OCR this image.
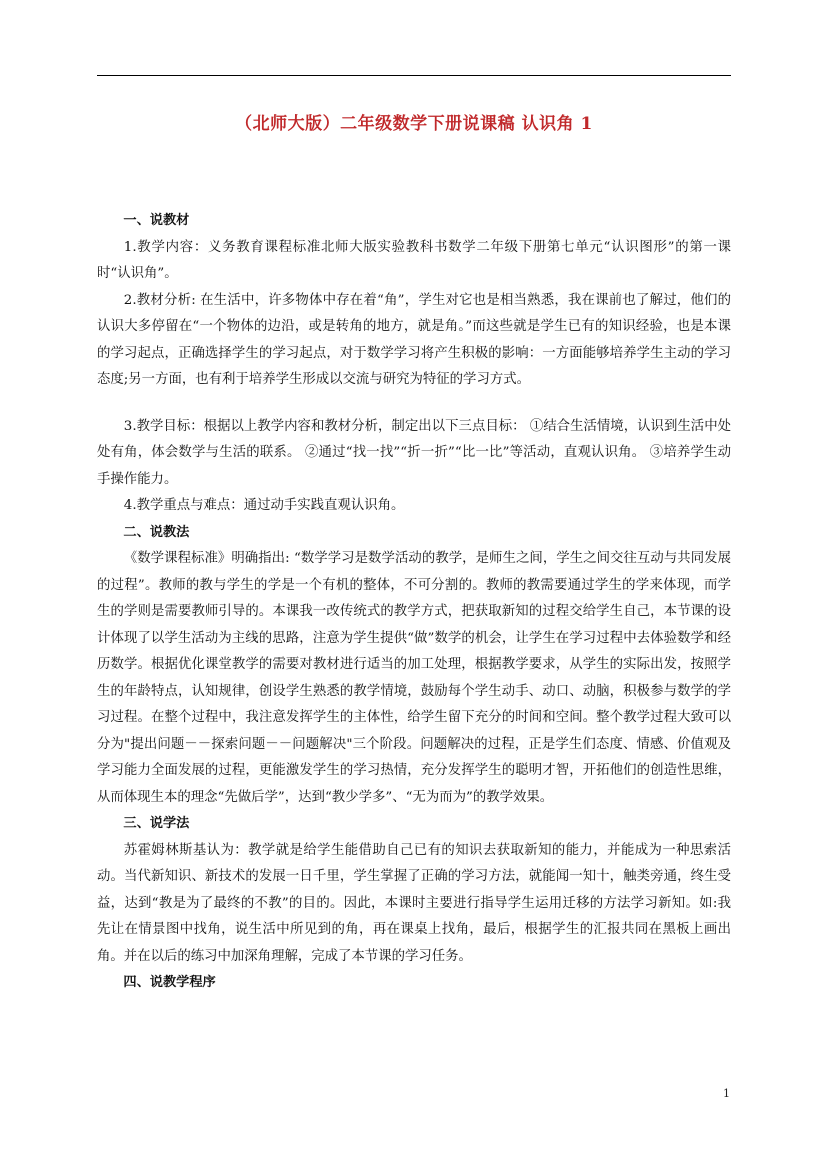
（北师大版）二年级数学下册说课稿 认识角 1

一、说教材

1.教学内容：义务教育课程标准北师大版实验教科书数学二年级下册第七单元“认识图形”的第一课时“认识角”。

2.教材分析: 在生活中，许多物体中存在着“角”，学生对它也是相当熟悉，我在课前也了解过，他们的认识大多停留在“一个物体的边沿，或是转角的地方，就是角。”而这些就是学生已有的知识经验，也是本课的学习起点，正确选择学生的学习起点，对于数学学习将产生积极的影响：一方面能够培养学生主动的学习态度;另一方面，也有利于培养学生形成以交流与研究为特征的学习方式。

3.教学目标：根据以上教学内容和教材分析，制定出以下三点目标： ①结合生活情境，认识到生活中处处有角，体会数学与生活的联系。 ②通过“找一找”“折一折”“比一比”等活动，直观认识角。 ③培养学生动手操作能力。

4.教学重点与难点：通过动手实践直观认识角。

二、说教法

《数学课程标准》明确指出: “数学学习是数学活动的教学，是师生之间，学生之间交往互动与共同发展的过程”。教师的教与学生的学是一个有机的整体，不可分割的。教师的教需要通过学生的学来体现，而学生的学则是需要教师引导的。本课我一改传统式的教学方式，把获取新知的过程交给学生自己，本节课的设计体现了以学生活动为主线的思路，注意为学生提供“做”数学的机会，让学生在学习过程中去体验数学和经历数学。根据优化课堂教学的需要对教材进行适当的加工处理，根据教学要求，从学生的实际出发，按照学生的年龄特点，认知规律，创设学生熟悉的教学情境，鼓励每个学生动手、动口、动脑，积极参与数学的学习过程。在整个过程中，我注意发挥学生的主体性，给学生留下充分的时间和空间。整个教学过程大致可以分为"提出问题－－探索问题－－问题解决"三个阶段。问题解决的过程，正是学生们态度、情感、价值观及学习能力全面发展的过程，更能激发学生的学习热情，充分发挥学生的聪明才智，开拓他们的创造性思维，从而体现生本的理念“先做后学”，达到“教少学多”、“无为而为”的教学效果。

三、说学法

苏霍姆林斯基认为：教学就是给学生能借助自己已有的知识去获取新知的能力，并能成为一种思索活动。当代新知识、新技术的发展一日千里，学生掌握了正确的学习方法，就能闻一知十，触类旁通，终生受益，达到“教是为了最终的不教”的目的。因此，本课时主要进行指导学生运用迁移的方法学习新知。如:我先让在情景图中找角，说生活中所见到的角，再在课桌上找角，最后，根据学生的汇报共同在黑板上画出角。并在以后的练习中加深角理解，完成了本节课的学习任务。

四、说教学程序

1
